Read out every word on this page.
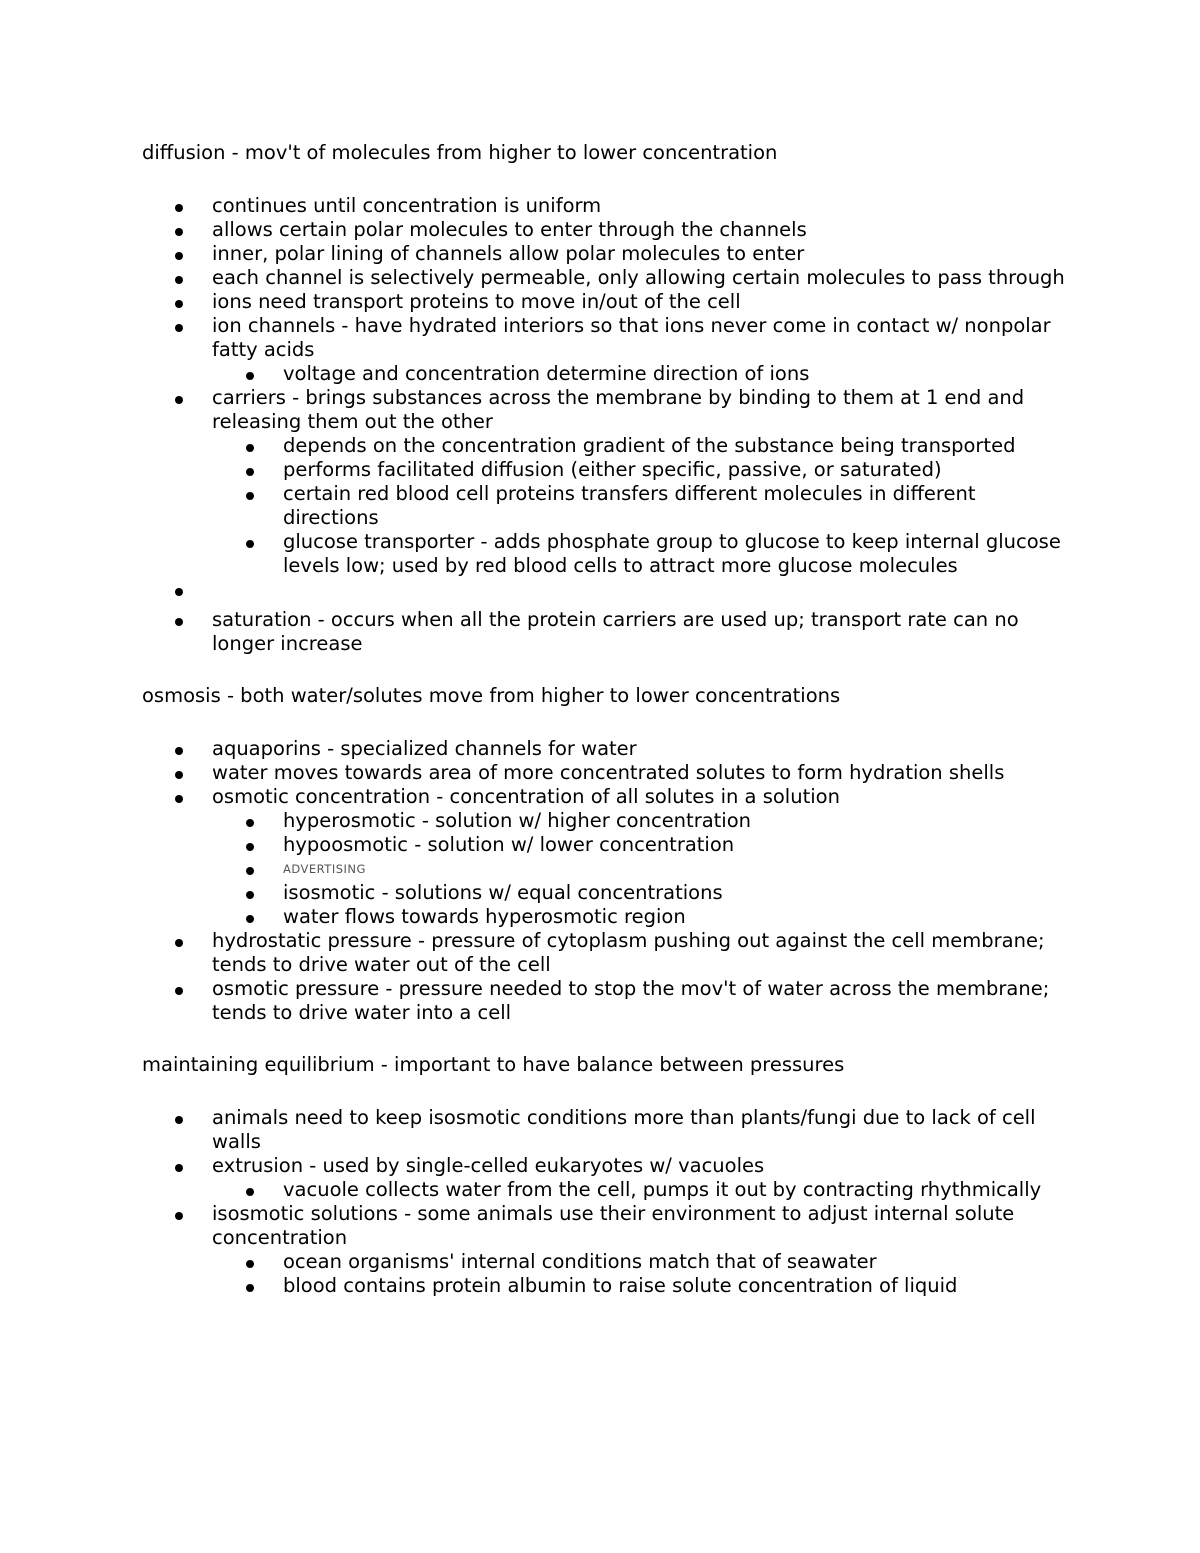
diffusion - mov't of molecules from higher to lower concentration

continues until concentration is uniform
allows certain polar molecules to enter through the channels
inner, polar lining of channels allow polar molecules to enter
each channel is selectively permeable, only allowing certain molecules to pass through
ions need transport proteins to move in/out of the cell
ion channels - have hydrated interiors so that ions never come in contact w/ nonpolar fatty acids
voltage and concentration determine direction of ions
carriers - brings substances across the membrane by binding to them at 1 end and releasing them out the other
depends on the concentration gradient of the substance being transported
performs facilitated diffusion (either specific, passive, or saturated)
certain red blood cell proteins transfers different molecules in different directions
glucose transporter - adds phosphate group to glucose to keep internal glucose levels low; used by red blood cells to attract more glucose molecules
saturation - occurs when all the protein carriers are used up; transport rate can no longer increase

osmosis - both water/solutes move from higher to lower concentrations

aquaporins - specialized channels for water
water moves towards area of more concentrated solutes to form hydration shells
osmotic concentration - concentration of all solutes in a solution
hyperosmotic - solution w/ higher concentration
hypoosmotic - solution w/ lower concentration
ADVERTISING
isosmotic - solutions w/ equal concentrations
water flows towards hyperosmotic region
hydrostatic pressure - pressure of cytoplasm pushing out against the cell membrane; tends to drive water out of the cell
osmotic pressure - pressure needed to stop the mov't of water across the membrane; tends to drive water into a cell

maintaining equilibrium - important to have balance between pressures

animals need to keep isosmotic conditions more than plants/fungi due to lack of cell walls
extrusion - used by single-celled eukaryotes w/ vacuoles
vacuole collects water from the cell, pumps it out by contracting rhythmically
isosmotic solutions - some animals use their environment to adjust internal solute concentration
ocean organisms' internal conditions match that of seawater
blood contains protein albumin to raise solute concentration of liquid
